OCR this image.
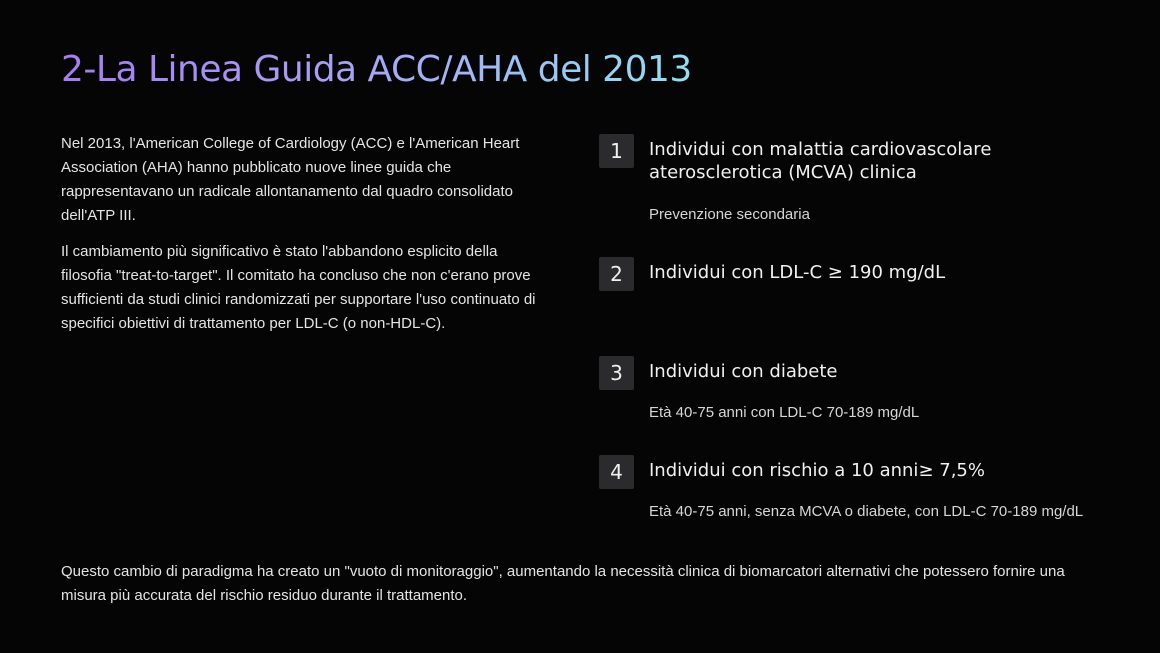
2-La Linea Guida ACC/AHA del 2013

Nel 2013, l'American College of Cardiology (ACC) e l'American Heart Association (AHA) hanno pubblicato nuove linee guida che rappresentavano un radicale allontanamento dal quadro consolidato dell'ATP III.

Il cambiamento più significativo è stato l'abbandono esplicito della filosofia "treat-to-target". Il comitato ha concluso che non c'erano prove sufficienti da studi clinici randomizzati per supportare l'uso continuato di specifici obiettivi di trattamento per LDL-C (o non-HDL-C).

1	Individui con malattia cardiovascolare aterosclerotica (MCVA) clinica
Prevenzione secondaria
2	Individui con LDL-C ≥ 190 mg/dL
3	Individui con diabete
Età 40-75 anni con LDL-C 70-189 mg/dL
4	Individui con rischio a 10 anni≥ 7,5%
Età 40-75 anni, senza MCVA o diabete, con LDL-C 70-189 mg/dL

Questo cambio di paradigma ha creato un "vuoto di monitoraggio", aumentando la necessità clinica di biomarcatori alternativi che potessero fornire una misura più accurata del rischio residuo durante il trattamento.
